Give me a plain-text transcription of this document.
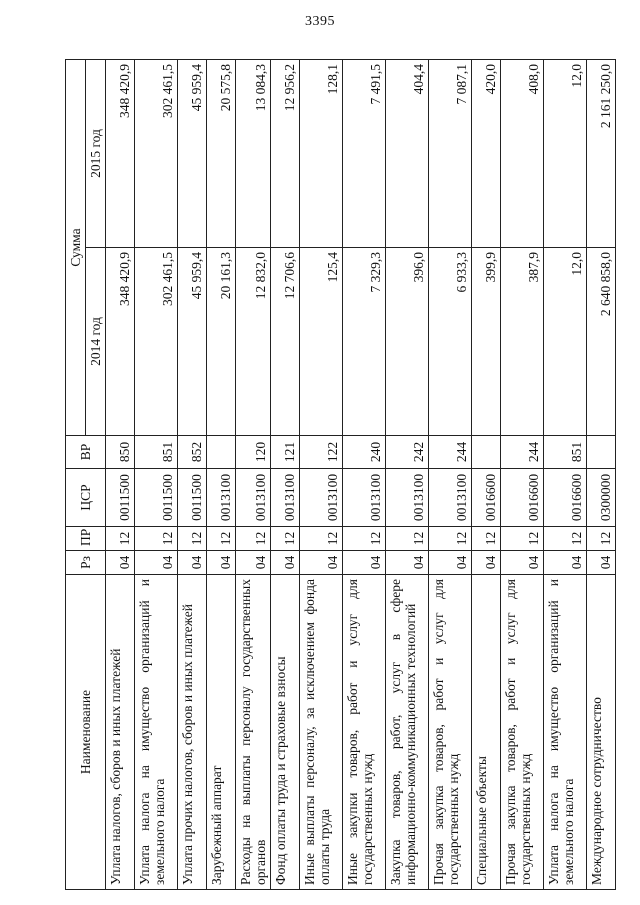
3395
Наименование	Рз	ПР	ЦСР	ВР	Сумма	
					2014 год	2015 год
Уплата налогов, сборов и иных платежей	04	12	0011500	850	348 420,9	348 420,9
Уплата налога на имущество организаций и земельного налога	04	12	0011500	851	302 461,5	302 461,5
Уплата прочих налогов, сборов и иных платежей	04	12	0011500	852	45 959,4	45 959,4
Зарубежный аппарат	04	12	0013100		20 161,3	20 575,8
Расходы на выплаты персоналу государственных органов	04	12	0013100	120	12 832,0	13 084,3
Фонд оплаты труда и страховые взносы	04	12	0013100	121	12 706,6	12 956,2
Иные выплаты персоналу, за исключением фонда оплаты труда	04	12	0013100	122	125,4	128,1
Иные закупки товаров, работ и услуг для государственных нужд	04	12	0013100	240	7 329,3	7 491,5
Закупка товаров, работ, услуг в сфере информационно-коммуникационных технологий	04	12	0013100	242	396,0	404,4
Прочая закупка товаров, работ и услуг для государственных нужд	04	12	0013100	244	6 933,3	7 087,1
Специальные объекты	04	12	0016600		399,9	420,0
Прочая закупка товаров, работ и услуг для государственных нужд	04	12	0016600	244	387,9	408,0
Уплата налога на имущество организаций и земельного налога	04	12	0016600	851	12,0	12,0
Международное сотрудничество	04	12	0300000		2 640 858,0	2 161 250,0
